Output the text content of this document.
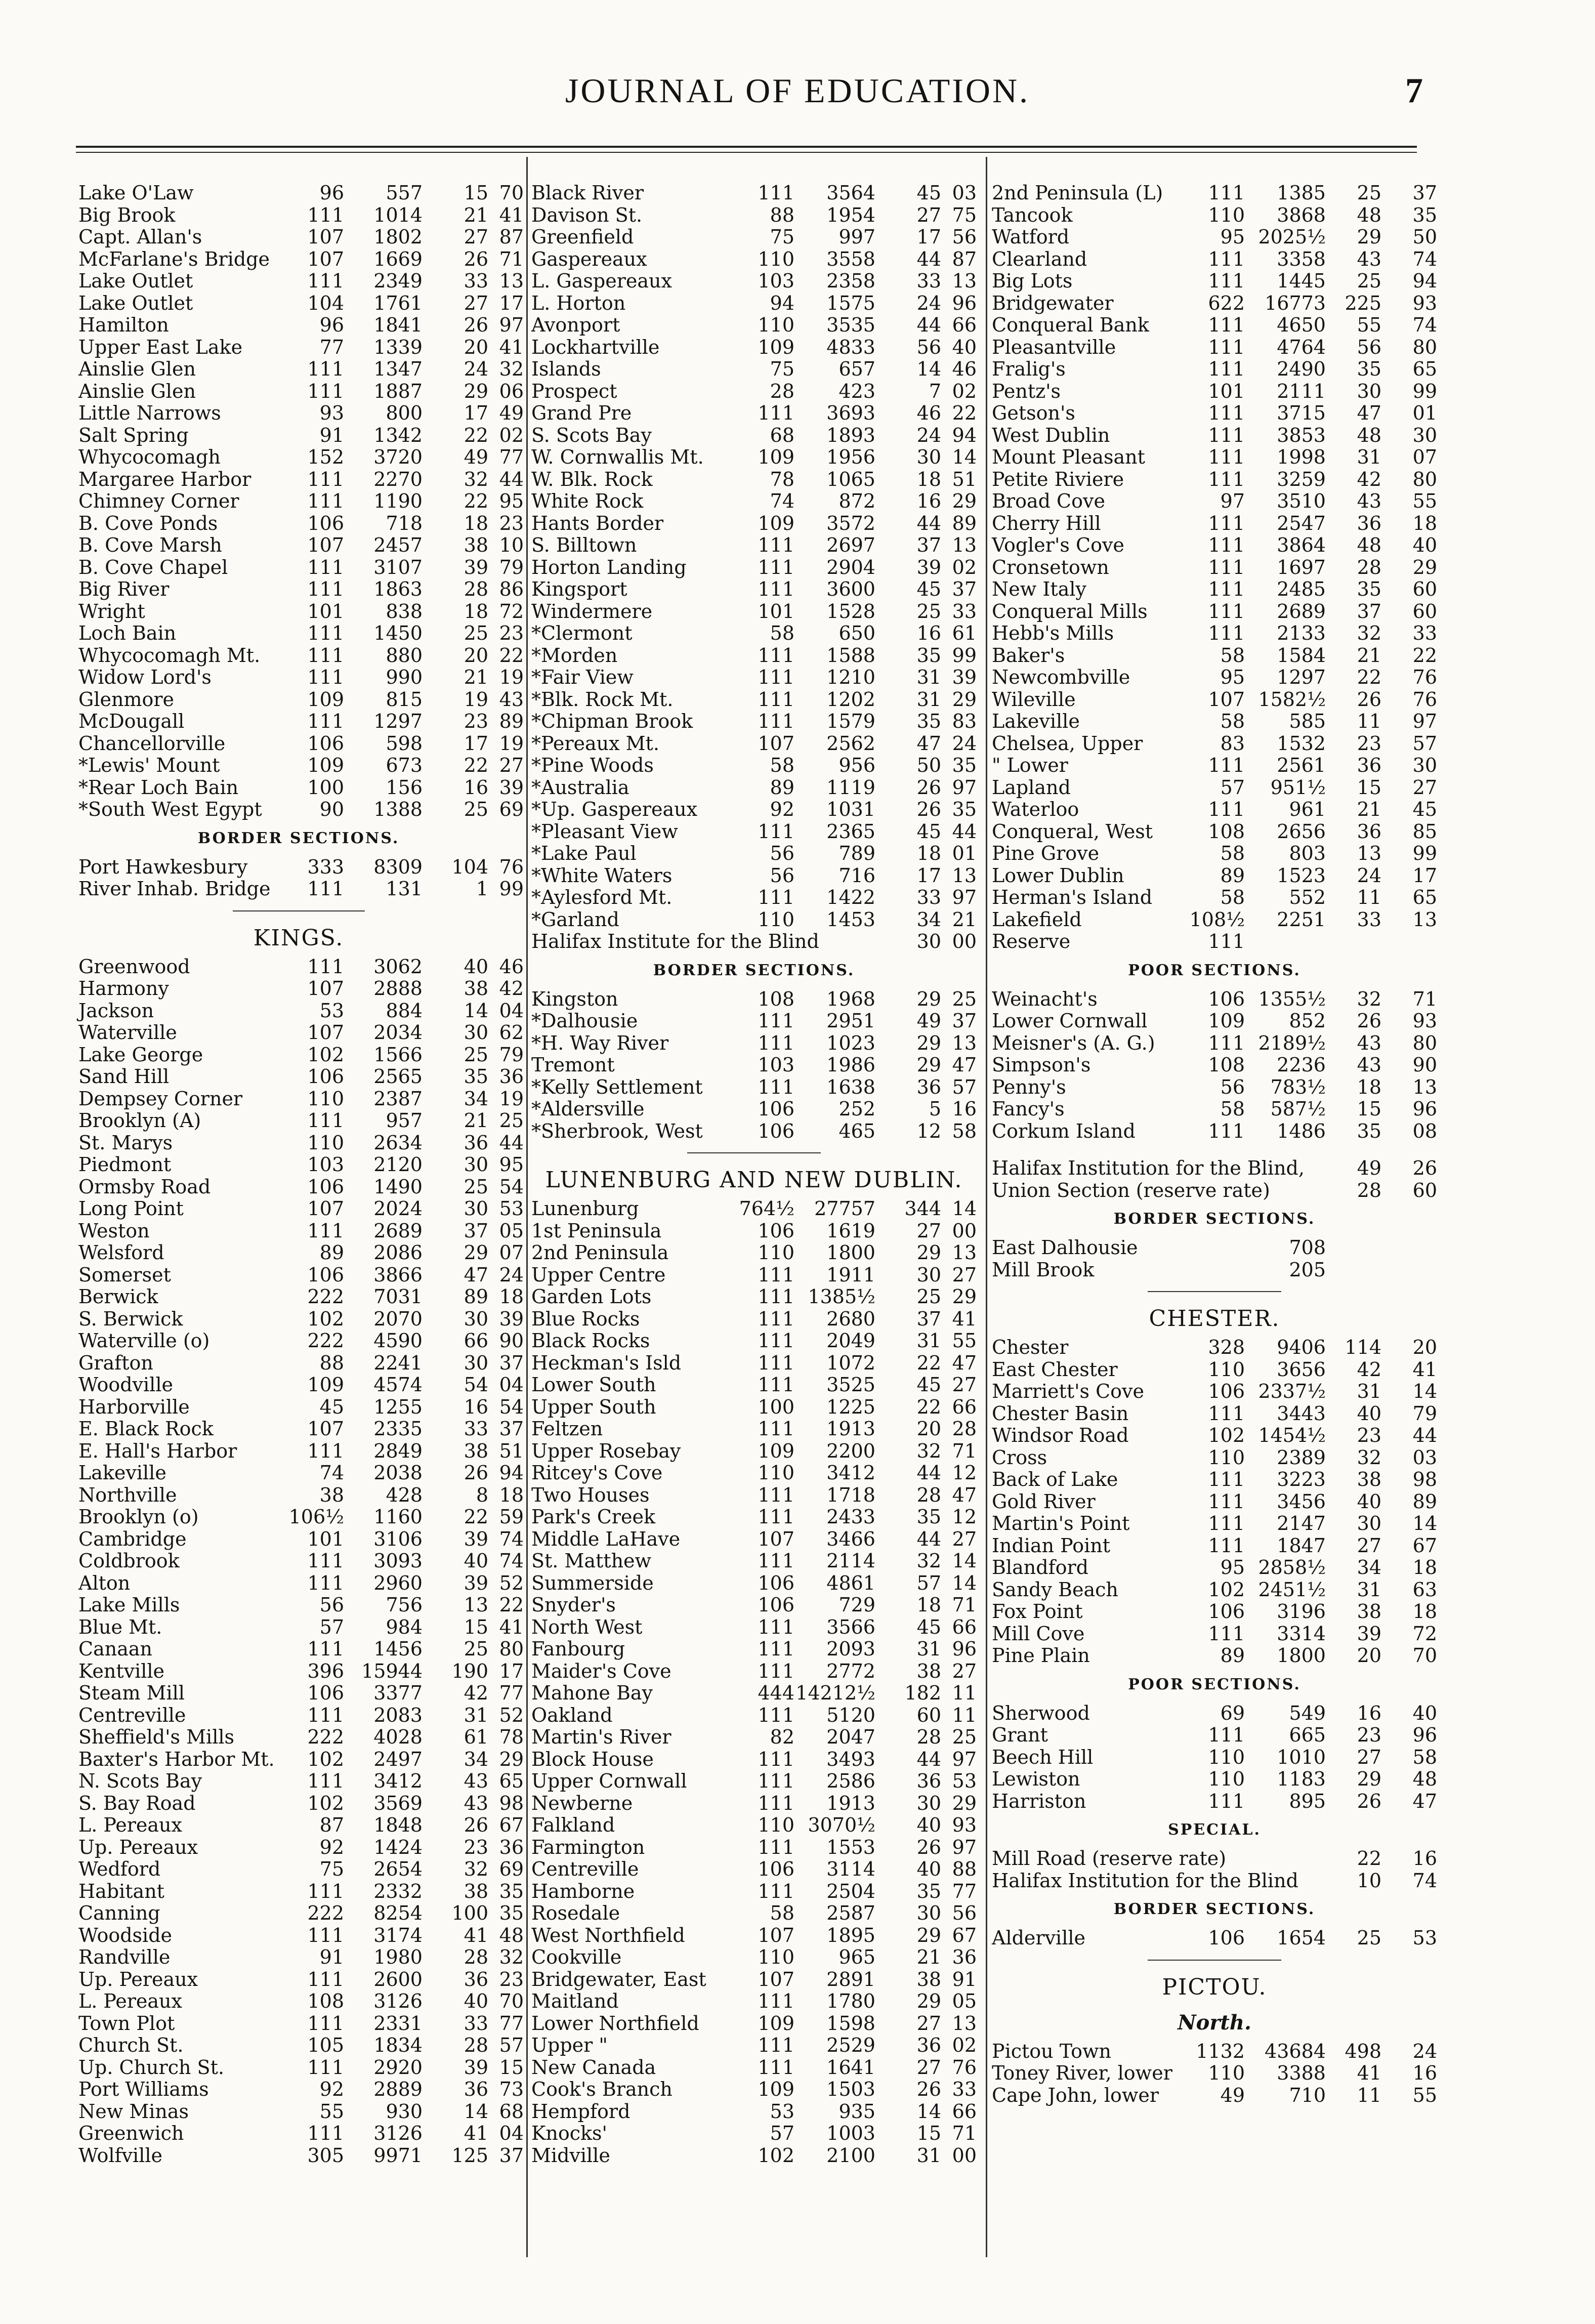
JOURNAL OF EDUCATION.	7
Lake O'Law	96 557 15 70
Big Brook	111 1014 21 41
Capt. Allan's	107 1802 27 87
McFarlane's Bridge 107 1669 26 71
Lake Outlet	111 2349 33 13
Lake Outlet	104 1761 27 17
Hamilton	96 1841 26 97
Upper East Lake	77 1339 20 41
Ainslie Glen	111 1347 24 32
Ainslie Glen	111 1887 29 06
Little Narrows	93 800 17 49
Salt Spring	91 1342 22 02
Whycocomagh	152 3720 49 77
Margaree Harbor	111 2270 32 44
Chimney Corner	111 1190 22 95
B. Cove Ponds	106 718 18 23
B. Cove Marsh	107 2457 38 10
B. Cove Chapel	111 3107 39 79
Big River	111 1863 28 86
Wright	101 838 18 72
Loch Bain	111 1450 25 23
Whycocomagh Mt. 111 880 20 22
Widow Lord's	111 990 21 19
Glenmore	109 815 19 43
McDougall	111 1297 23 89
Chancellorville	106 598 17 19
*Lewis' Mount	109 673 22 27
*Rear Loch Bain	100 156 16 39
*South West Egypt	90 1388 25 69
BORDER SECTIONS.
Port Hawkesbury	333 8309 104 76
River Inhab. Bridge 111 131	1 99
KINGS.
Greenwood	111 3062 40 46
Harmony	107 2888 38 42
Jackson	53 884 14 04
Waterville	107 2034 30 62
Lake George	102 1566 25 79
Sand Hill	106 2565 35 36
Dempsey Corner	110 2387 34 19
Brooklyn (A)	111 957 21 25
St. Marys	110 2634 36 44
Piedmont	103 2120 30 95
Ormsby Road	106 1490 25 54
Long Point	107 2024 30 53
Weston	111 2689 37 05
Welsford	89 2086 29 07
Somerset	106 3866 47 24
Berwick	222 7031 89 18
S. Berwick	102 2070 30 39
Waterville (o)	222 4590 66 90
Grafton	88 2241 30 37
Woodville	109 4574 54 04
Harborville	45 1255 16 54
E. Black Rock	107 2335 33 37
E. Hall's Harbor	111 2849 38 51
Lakeville	74 2038 26 94
Northville	38 428	8 18
Brooklyn (o)	106½ 1160 22 59
Cambridge	101 3106 39 74
Coldbrook	111 3093 40 74
Alton	111 2960 39 52
Lake Mills	56 756 13 22
Blue Mt.	57 984 15 41
Canaan	111 1456 25 80
Kentville	396 15944 190 17
Steam Mill	106 3377 42 77
Centreville	111 2083 31 52
Sheffield's Mills	222 4028 61 78
Baxter's Harbor Mt. 102 2497 34 29
N. Scots Bay	111 3412 43 65
S. Bay Road	102 3569 43 98
L. Pereaux	87 1848 26 67
Up. Pereaux	92 1424 23 36
Wedford	75 2654 32 69
Habitant	111 2332 38 35
Canning	222 8254 100 35
Woodside	111 3174 41 48
Randville	91 1980 28 32
Up. Pereaux	111 2600 36 23
L. Pereaux	108 3126 40 70
Town Plot	111 2331 33 77
Church St.	105 1834 28 57
Up. Church St.	111 2920 39 15
Port Williams	92 2889 36 73
New Minas	55 930 14 68
Greenwich	111 3126 41 04
Wolfville	305 9971 125 37
Black River	111 3564 45 03
Davison St.	88 1954 27 75
Greenfield	75 997 17 56
Gaspereaux	110 3558 44 87
L. Gaspereaux	103 2358 33 13
L. Horton	94 1575 24 96
Avonport	110 3535 44 66
Lockhartville	109 4833 56 40
Islands	75 657 14 46
Prospect	28 423	7 02
Grand Pre	111 3693 46 22
S. Scots Bay	68 1893 24 94
W. Cornwallis Mt.	109 1956 30 14
W. Blk. Rock	78 1065 18 51
White Rock	74 872 16 29
Hants Border	109 3572 44 89
S. Billtown	111 2697 37 13
Horton Landing	111 2904 39 02
Kingsport	111 3600 45 37
Windermere	101 1528 25 33
*Clermont	58 650 16 61
*Morden	111 1588 35 99
*Fair View	111 1210 31 39
*Blk. Rock Mt.	111 1202 31 29
*Chipman Brook	111 1579 35 83
*Pereaux Mt.	107 2562 47 24
*Pine Woods	58 956 50 35
*Australia	89 1119 26 97
*Up. Gaspereaux	92 1031 26 35
*Pleasant View	111 2365 45 44
*Lake Paul	56 789 18 01
*White Waters	56 716 17 13
*Aylesford Mt.	111 1422 33 97
*Garland	110 1453 34 21
Halifax Institute for the Blind	30 00
BORDER SECTIONS.
Kingston	108 1968 29 25
*Dalhousie	111 2951 49 37
*H. Way River	111 1023 29 13
Tremont	103 1986 29 47
*Kelly Settlement	111 1638 36 57
*Aldersville	106 252	5 16
*Sherbrook, West	106 465 12 58
LUNENBURG AND NEW DUBLIN.
Lunenburg	764½ 27757 344 14
1st Peninsula	106 1619 27 00
2nd Peninsula	110 1800 29 13
Upper Centre	111 1911 30 27
Garden Lots	111 1385½ 25 29
Blue Rocks	111 2680 37 41
Black Rocks	111 2049 31 55
Heckman's Isld	111 1072 22 47
Lower South	111 3525 45 27
Upper South	100 1225 22 66
Feltzen	111 1913 20 28
Upper Rosebay	109 2200 32 71
Ritcey's Cove	110 3412 44 12
Two Houses	111 1718 28 47
Park's Creek	111 2433 35 12
Middle LaHave	107 3466 44 27
St. Matthew	111 2114 32 14
Summerside	106 4861 57 14
Snyder's	106 729 18 71
North West	111 3566 45 66
Fanbourg	111 2093 31 96
Maider's Cove	111 2772 38 27
Mahone Bay	444 14212½ 182 11
Oakland	111 5120 60 11
Martin's River	82 2047 28 25
Block House	111 3493 44 97
Upper Cornwall	111 2586 36 53
Newberne	111 1913 30 29
Falkland	110 3070½ 40 93
Farmington	111 1553 26 97
Centreville	106 3114 40 88
Hamborne	111 2504 35 77
Rosedale	58 2587 30 56
West Northfield	107 1895 29 67
Cookville	110 965 21 36
Bridgewater, East	107 2891 38 91
Maitland	111 1780 29 05
Lower Northfield	109 1598 27 13
Upper "	111 2529 36 02
New Canada	111 1641 27 76
Cook's Branch	109 1503 26 33
Hempford	53 935 14 66
Knocks'	57 1003 15 71
Midville	102 2100 31 00
2nd Peninsula (L) 111 1385 25 37
Tancook	110 3868 48 35
Watford	95 2025½ 29 50
Clearland	111 3358 43 74
Big Lots	111 1445 25 94
Bridgewater	622 16773 225 93
Conqueral Bank	111 4650 55 74
Pleasantville	111 4764 56 80
Fralig's	111 2490 35 65
Pentz's	101 2111 30 99
Getson's	111 3715 47 01
West Dublin	111 3853 48 30
Mount Pleasant	111 1998 31 07
Petite Riviere	111 3259 42 80
Broad Cove	97 3510 43 55
Cherry Hill	111 2547 36 18
Vogler's Cove	111 3864 48 40
Cronsetown	111 1697 28 29
New Italy	111 2485 35 60
Conqueral Mills	111 2689 37 60
Hebb's Mills	111 2133 32 33
Baker's	58 1584 21 22
Newcombville	95 1297 22 76
Wileville	107 1582½ 26 76
Lakeville	58 585 11 97
Chelsea, Upper	83 1532 23 57
" Lower	111 2561 36 30
Lapland	57 951½ 15 27
Waterloo	111 961 21 45
Conqueral, West	108 2656 36 85
Pine Grove	58 803 13 99
Lower Dublin	89 1523 24 17
Herman's Island	58 552 11 65
Lakefield	108½ 2251 33 13
Reserve	111
POOR SECTIONS.
Weinacht's	106 1355½ 32 71
Lower Cornwall	109 852 26 93
Meisner's (A. G.)	111 2189½ 43 80
Simpson's	108 2236 43 90
Penny's	56 783½ 18 13
Fancy's	58 587½ 15 96
Corkum Island	111 1486 35 08
Halifax Institution for the Blind,	49 26
Union Section (reserve rate)	28 60
BORDER SECTIONS.
East Dalhousie	708
Mill Brook	205
CHESTER.
Chester	328 9406 114 20
East Chester	110 3656 42 41
Marriett's Cove	106 2337½ 31 14
Chester Basin	111 3443 40 79
Windsor Road	102 1454½ 23 44
Cross	110 2389 32 03
Back of Lake	111 3223 38 98
Gold River	111 3456 40 89
Martin's Point	111 2147 30 14
Indian Point	111 1847 27 67
Blandford	95 2858½ 34 18
Sandy Beach	102 2451½ 31 63
Fox Point	106 3196 38 18
Mill Cove	111 3314 39 72
Pine Plain	89 1800 20 70
POOR SECTIONS.
Sherwood	69 549 16 40
Grant	111 665 23 96
Beech Hill	110 1010 27 58
Lewiston	110 1183 29 48
Harriston	111 895 26 47
SPECIAL.
Mill Road (reserve rate)	22 16
Halifax Institution for the Blind	10 74
BORDER SECTIONS.
Alderville	106 1654 25 53
PICTOU.
North.
Pictou Town	1132 43684 498 24
Toney River, lower 110 3388 41 16
Cape John, lower	49 710 11 55
